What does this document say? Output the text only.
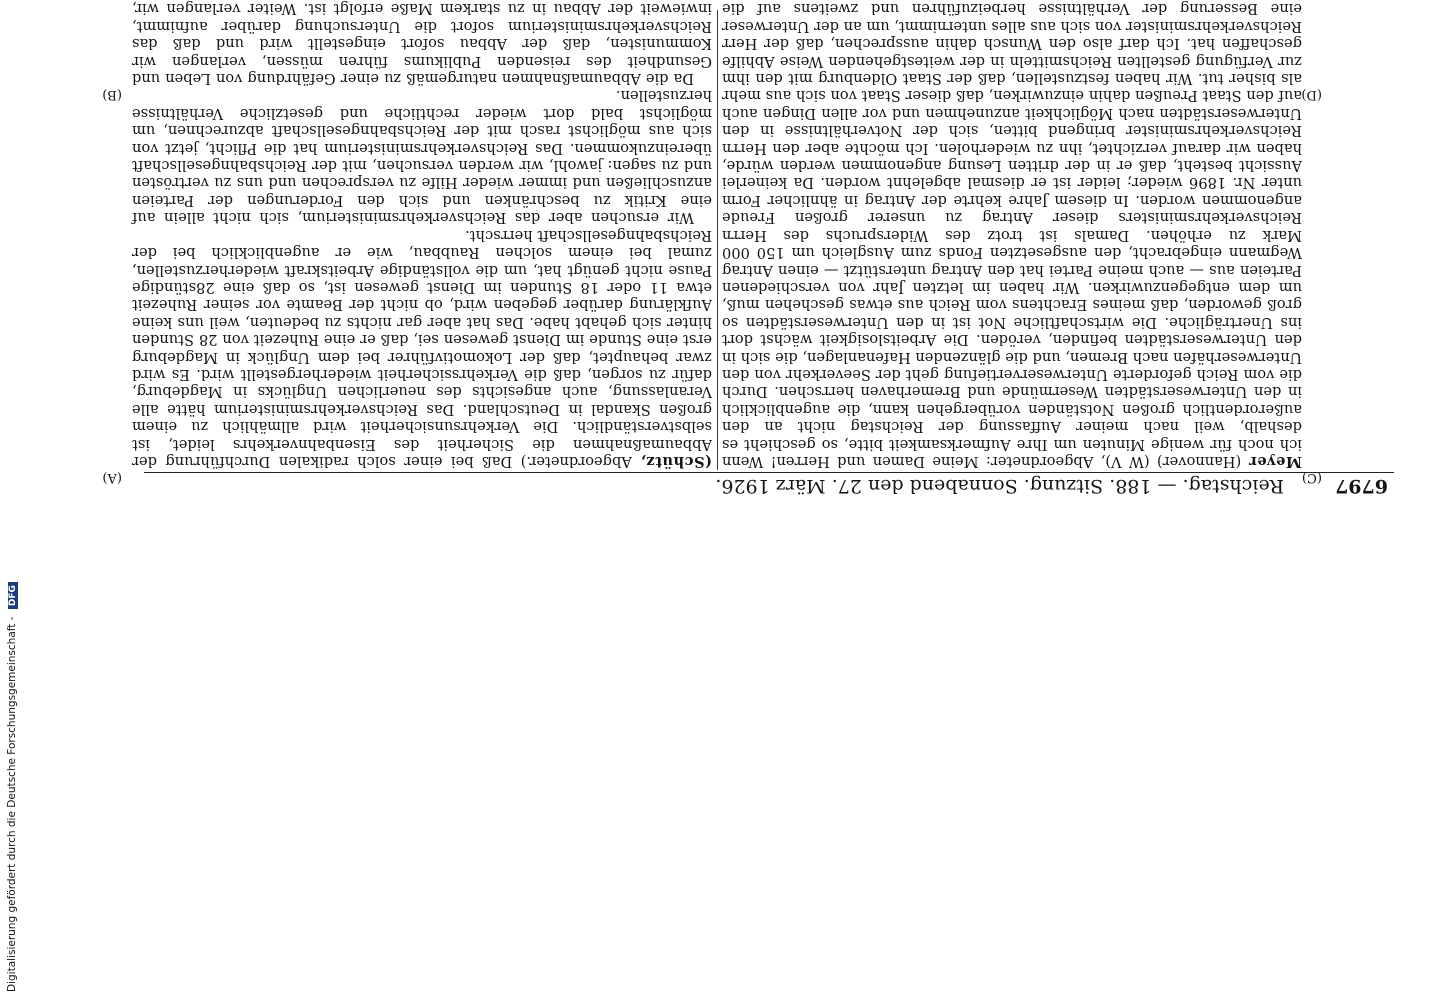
6797
Reichstag. — 188. Sitzung. Sonnabend den 27. März 1926.

Meyer (Hannover) (W V), Abgeordneter: Meine Damen und Herren! Wenn ich noch für wenige Minuten um Ihre Aufmerksamkeit bitte, so geschieht es deshalb, weil nach meiner Auffassung der Reichstag nicht an den außerordentlich großen Notständen vorübergehen kann, die augenblicklich in den Unterweserstädten Wesermünde und Bremerhaven herrschen. Durch die vom Reich geforderte Unterweservertiefung geht der Seeverkehr von den Unterweserhäfen nach Bremen, und die glänzenden Hafenanlagen, die sich in den Unterweserstädten befinden, veröden. Die Arbeitslosigkeit wächst dort ins Unerträgliche. Die wirtschaftliche Not ist in den Unterweserstädten so groß geworden, daß meines Erachtens vom Reich aus etwas geschehen muß, um dem entgegenzuwirken. Wir haben im letzten Jahr von verschiedenen Parteien aus — auch meine Partei hat den Antrag unterstützt — einen Antrag Wegmann eingebracht, den ausgesetzten Fonds zum Ausgleich um 150 000 Mark zu erhöhen. Damals ist trotz des Widerspruchs des Herrn Reichsverkehrsministers dieser Antrag zu unserer großen Freude angenommen worden. In diesem Jahre kehrte der Antrag in ähnlicher Form unter Nr. 1896 wieder; leider ist er diesmal abgelehnt worden. Da keinerlei Aussicht besteht, daß er in der dritten Lesung angenommen werden würde, haben wir darauf verzichtet, ihn zu wiederholen. Ich möchte aber den Herrn Reichsverkehrsminister bringend bitten, sich der Notverhältnisse in den Unterweserstädten nach Möglichkeit anzunehmen und vor allen Dingen auch auf den Staat Preußen dahin einzuwirken, daß dieser Staat von sich aus mehr als bisher tut. Wir haben festzustellen, daß der Staat Oldenburg mit den ihm zur Verfügung gestellten Reichsmitteln in der weitestgehenden Weise Abhilfe geschaffen hat. Ich darf also den Wunsch dahin aussprechen, daß der Herr Reichsverkehrsminister von sich aus alles unternimmt, um an der Unterweser eine Besserung der Verhältnisse herbeizuführen und zweitens auf die

(Schütz, Abgeordneter.) Daß bei einer solch radikalen Durchführung der Abbaumaßnahmen die Sicherheit des Eisenbahnverkehrs leidet, ist selbstverständlich. Die Verkehrsunsicherheit wird allmählich zu einem großen Skandal in Deutschland. Das Reichsverkehrsministerium hätte alle Veranlassung, auch angesichts des neuerlichen Unglücks in Magdeburg, dafür zu sorgen, daß die Verkehrssicherheit wiederhergestellt wird. Es wird zwar behauptet, daß der Lokomotivführer bei dem Unglück in Magdeburg erst eine Stunde im Dienst gewesen sei, daß er eine Ruhezeit von 28 Stunden hinter sich gehabt habe. Das hat aber gar nichts zu bedeuten, weil uns keine Aufklärung darüber gegeben wird, ob nicht der Beamte vor seiner Ruhezeit etwa 11 oder 18 Stunden im Dienst gewesen ist, so daß eine 28stündige Pause nicht genügt hat, um die vollständige Arbeitskraft wiederherzustellen, zumal bei einem solchen Raubbau, wie er augenblicklich bei der Reichsbahngesellschaft herrscht.

Wir ersuchen aber das Reichsverkehrsministerium, sich nicht allein auf eine Kritik zu beschränken und sich den Forderungen der Parteien anzuschließen und immer wieder Hilfe zu versprechen und uns zu vertrösten und zu sagen: jawohl, wir werden versuchen, mit der Reichsbahngesellschaft übereinzukommen. Das Reichsverkehrsministerium hat die Pflicht, jetzt von sich aus möglichst rasch mit der Reichsbahngesellschaft abzurechnen, um möglichst bald dort wieder rechtliche und gesetzliche Verhältnisse herzustellen.

Da die Abbaumaßnahmen naturgemäß zu einer Gefährdung von Leben und Gesundheit des reisenden Publikums führen müssen, verlangen wir Kommunisten, daß der Abbau sofort eingestellt wird und daß das Reichsverkehrsministerium sofort die Untersuchung darüber aufnimmt, inwieweit der Abbau in zu starkem Maße erfolgt ist. Weiter verlangen wir,

(C)
(D)
(A)
(B)
Digitalisierung gefördert durch die Deutsche Forschungsgemeinschaft - DFG
